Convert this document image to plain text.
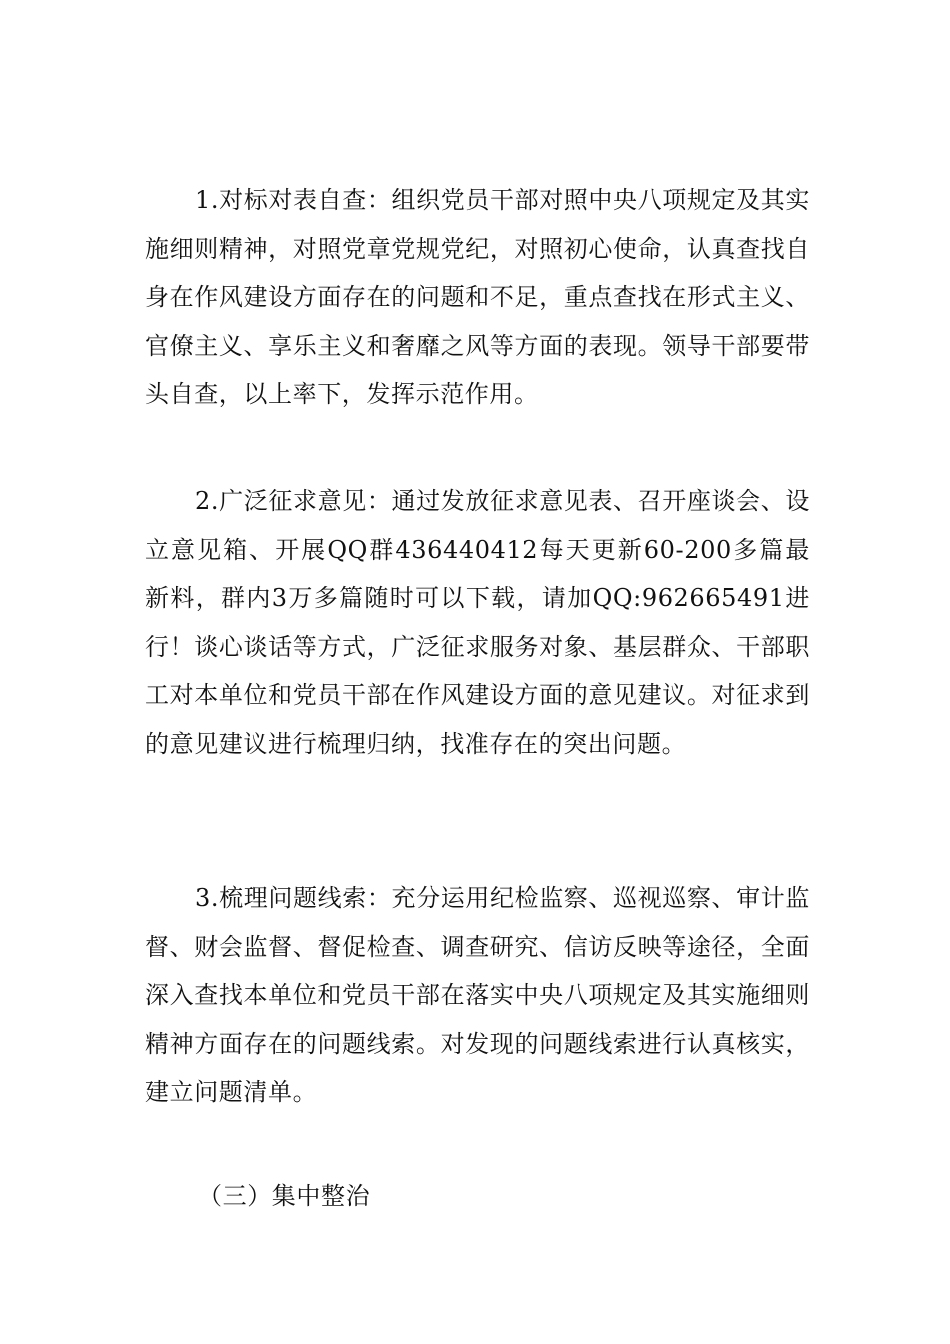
1.对标对表自查：组织党员干部对照中央八项规定及其实施细则精神，对照党章党规党纪，对照初心使命，认真查找自身在作风建设方面存在的问题和不足，重点查找在形式主义、官僚主义、享乐主义和奢靡之风等方面的表现。领导干部要带头自查，以上率下，发挥示范作用。

2.广泛征求意见：通过发放征求意见表、召开座谈会、设立意见箱、开展QQ群436440412每天更新60-200多篇最新料，群内3万多篇随时可以下载，请加QQ:962665491进行！谈心谈话等方式，广泛征求服务对象、基层群众、干部职工对本单位和党员干部在作风建设方面的意见建议。对征求到的意见建议进行梳理归纳，找准存在的突出问题。

3.梳理问题线索：充分运用纪检监察、巡视巡察、审计监督、财会监督、督促检查、调查研究、信访反映等途径，全面深入查找本单位和党员干部在落实中央八项规定及其实施细则精神方面存在的问题线索。对发现的问题线索进行认真核实，建立问题清单。

（三）集中整治
